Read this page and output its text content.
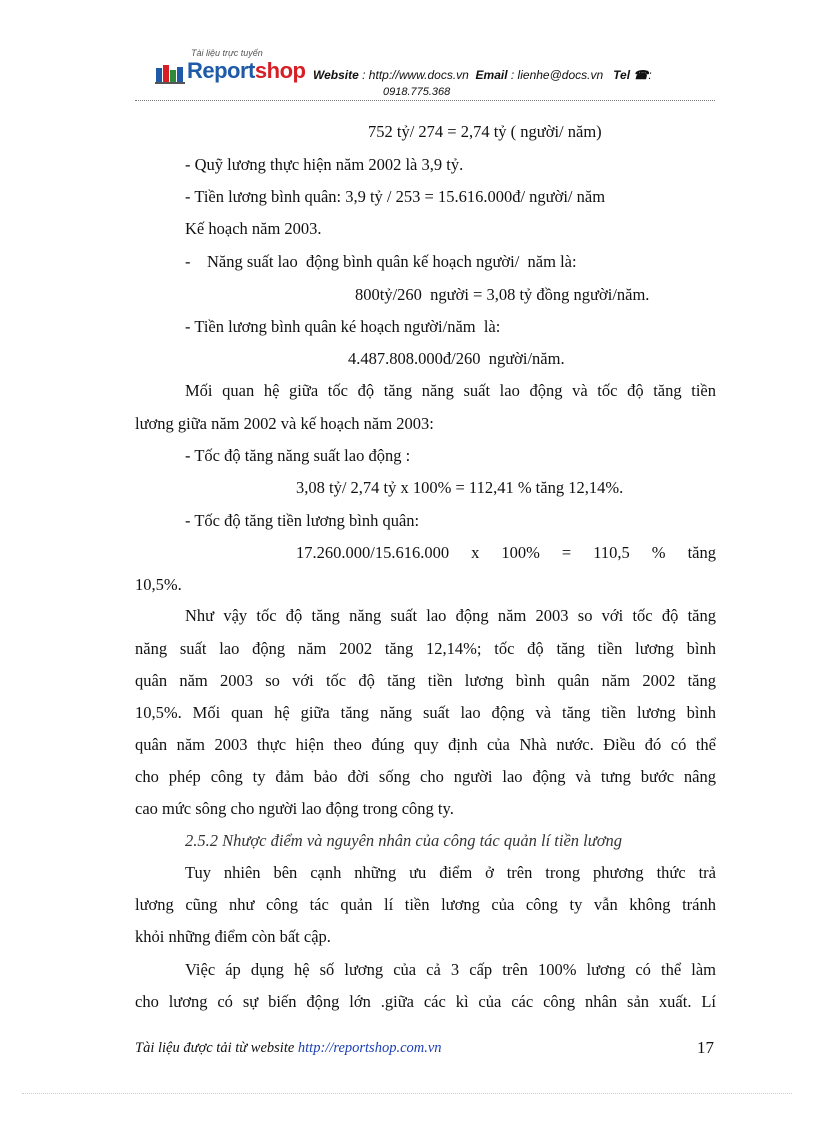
Tài liệu trực tuyến
Reportshop Website : http://www.docs.vn Email : lienhe@docs.vn Tel ☎:
0918.775.368
752 tỷ/ 274 = 2,74 tỷ ( người/ năm)
- Quỹ lương thực hiện năm 2002 là 3,9 tỷ.
- Tiền lương bình quân: 3,9 tỷ / 253 = 15.616.000đ/ người/ năm
Kế hoạch năm 2003.
-    Năng suất lao  động bình quân kế hoạch người/  năm là:
800tỷ/260  người = 3,08 tỷ đồng người/năm.
- Tiền lương bình quân ké hoạch người/năm  là:
4.487.808.000đ/260  người/năm.
Mối quan hệ giữa tốc độ tăng năng suất lao động và tốc độ tăng tiền
lương giữa năm 2002 và kế hoạch năm 2003:
- Tốc độ tăng năng suất lao động :
3,08 tỷ/ 2,74 tỷ x 100% = 112,41 % tăng 12,14%.
- Tốc độ tăng tiền lương bình quân:
17.260.000/15.616.000 x 100% = 110,5 % tăng
10,5%.
Như vậy tốc độ tăng năng suất lao động năm 2003 so với tốc độ tăng
năng suất lao động năm 2002 tăng 12,14%; tốc độ tăng tiền lương bình
quân năm 2003 so với tốc độ tăng tiền lương bình quân năm 2002 tăng
10,5%. Mối quan hệ giữa tăng năng suất lao động và tăng tiền lương bình
quân năm 2003 thực hiện theo đúng quy định của Nhà nước. Điều đó có thể
cho phép công ty đảm bảo đời sống cho người lao động và tưng bước nâng
cao mức sông cho người lao động trong công ty.
2.5.2 Nhược điểm và nguyên nhân của công tác quản lí tiền lương
Tuy nhiên bên cạnh những ưu điểm ở trên trong phương thức trả
lương cũng như công tác quản lí tiền lương của công ty vẫn không tránh
khỏi những điểm còn bất cập.
Việc áp dụng hệ số lương của cả 3 cấp trên 100% lương có thể làm
cho lương có sự biến động lớn .giữa các kì của các công nhân sản xuất. Lí
Tài liệu được tải từ website http://reportshop.com.vn	17
